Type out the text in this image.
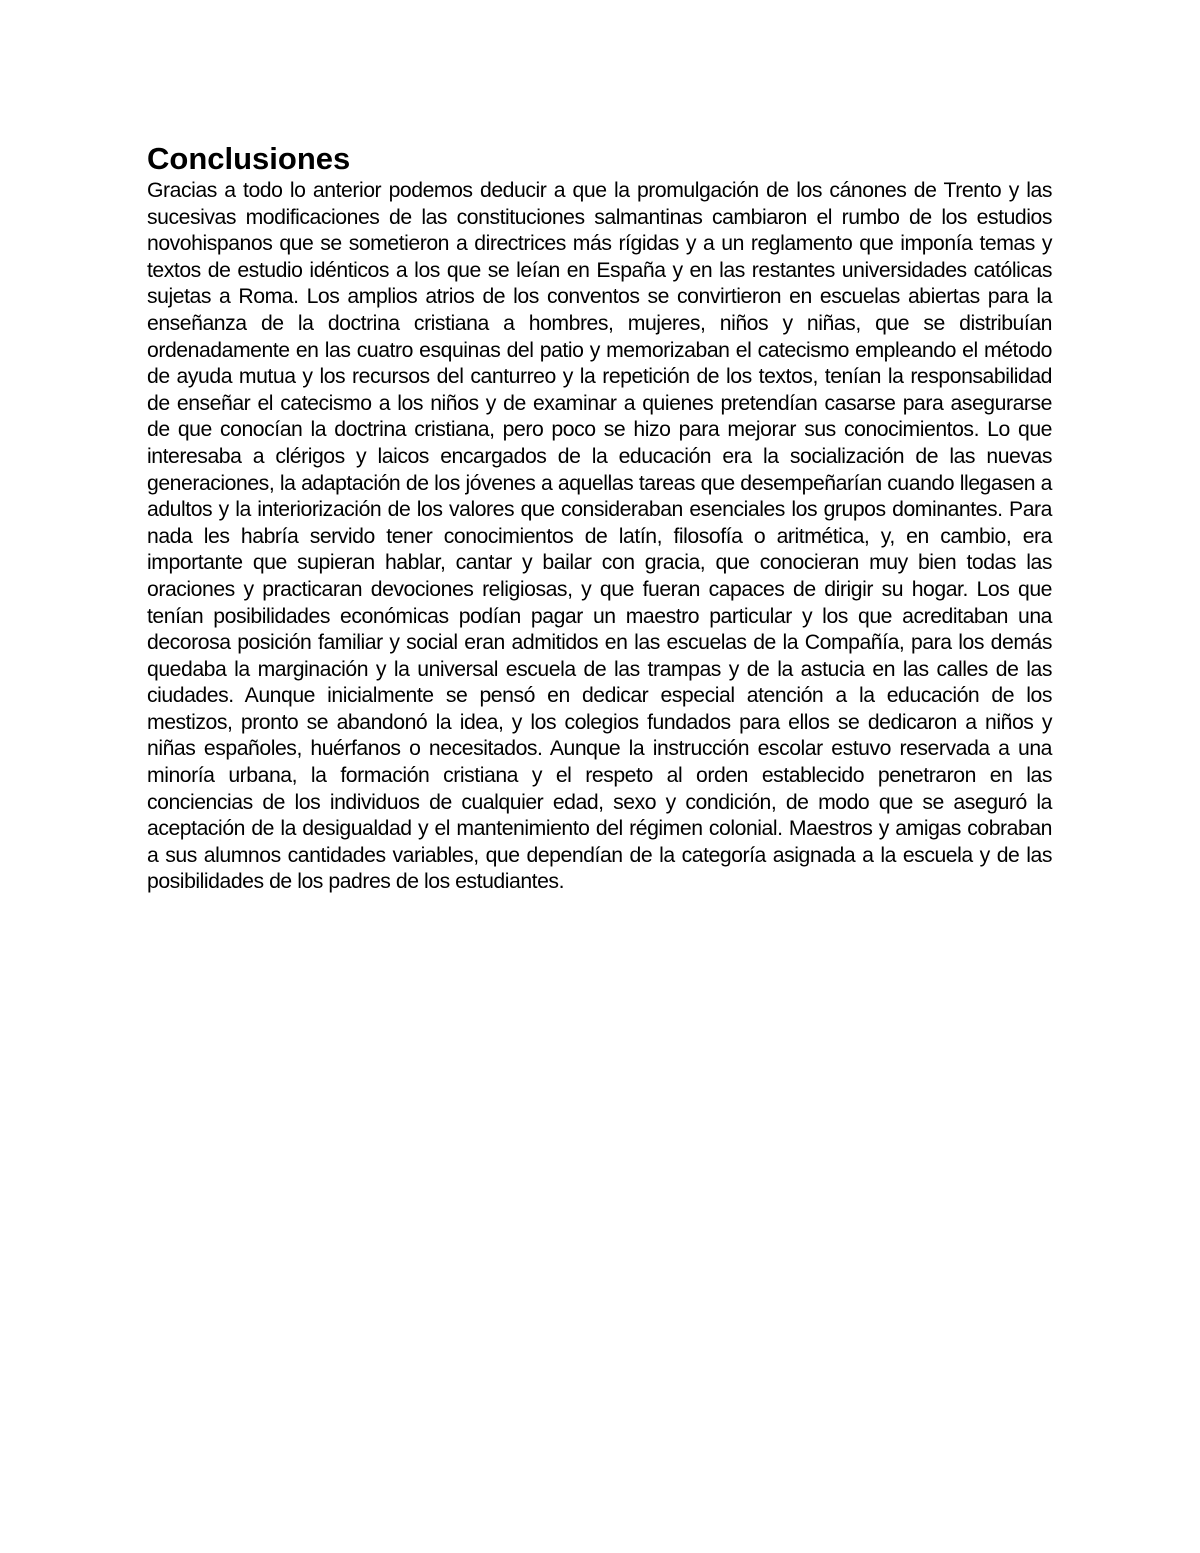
Conclusiones

Gracias a todo lo anterior podemos deducir a que la promulgación de los cánones de Trento y las sucesivas modificaciones de las constituciones salmantinas cambiaron el rumbo de los estudios novohispanos que se sometieron a directrices más rígidas y a un reglamento que imponía temas y textos de estudio idénticos a los que se leían en España y en las restantes universidades católicas sujetas a Roma. Los amplios atrios de los conventos se convirtieron en escuelas abiertas para la enseñanza de la doctrina cristiana a hombres, mujeres, niños y niñas, que se distribuían ordenadamente en las cuatro esquinas del patio y memorizaban el catecismo empleando el método de ayuda mutua y los recursos del canturreo y la repetición de los textos, tenían la responsabilidad de enseñar el catecismo a los niños y de examinar a quienes pretendían casarse para asegurarse de que conocían la doctrina cristiana, pero poco se hizo para mejorar sus conocimientos. Lo que interesaba a clérigos y laicos encargados de la educación era la socialización de las nuevas generaciones, la adaptación de los jóvenes a aquellas tareas que desempeñarían cuando llegasen a adultos y la interiorización de los valores que consideraban esenciales los grupos dominantes. Para nada les habría servido tener conocimientos de latín, filosofía o aritmética, y, en cambio, era importante que supieran hablar, cantar y bailar con gracia, que conocieran muy bien todas las oraciones y practicaran devociones religiosas, y que fueran capaces de dirigir su hogar. Los que tenían posibilidades económicas podían pagar un maestro particular y los que acreditaban una decorosa posición familiar y social eran admitidos en las escuelas de la Compañía, para los demás quedaba la marginación y la universal escuela de las trampas y de la astucia en las calles de las ciudades. Aunque inicialmente se pensó en dedicar especial atención a la educación de los mestizos, pronto se abandonó la idea, y los colegios fundados para ellos se dedicaron a niños y niñas españoles, huérfanos o necesitados. Aunque la instrucción escolar estuvo reservada a una minoría urbana, la formación cristiana y el respeto al orden establecido penetraron en las conciencias de los individuos de cualquier edad, sexo y condición, de modo que se aseguró la aceptación de la desigualdad y el mantenimiento del régimen colonial. Maestros y amigas cobraban a sus alumnos cantidades variables, que dependían de la categoría asignada a la escuela y de las posibilidades de los padres de los estudiantes.
